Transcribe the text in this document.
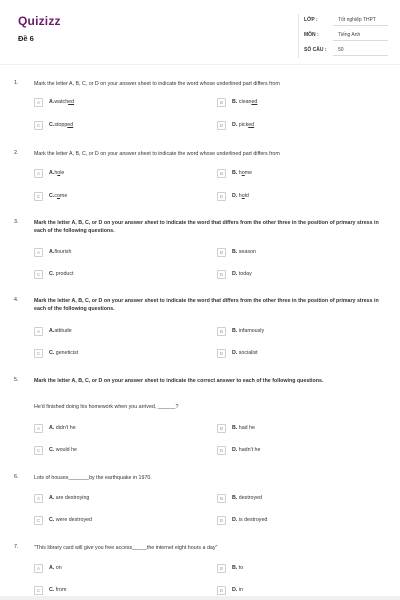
Quizizz
Đề 6
LỚP :	Tốt nghiệp THPT
MÔN :	Tiếng Anh
SỐ CÂU : 50
1.	Mark the letter A, B, C, or D on your answer sheet to indicate the word whose underlined part differs from
A	A.watched	B	B. cleaned
C	C.stopped	D	D. picked
2.	Mark the letter A, B, C, or D on your answer sheet to indicate the word whose underlined part differs from
A	A.hole	B	B. home
C	C.come	D	D. hold
3.	Mark the letter A, B, C, or D on your answer sheet to indicate the word that differs from the other three in the position of primary stress in each of the following questions.
A	A.flourish	B	B. season
C	C. product	D	D. today
4.	Mark the letter A, B, C, or D on your answer sheet to indicate the word that differs from the other three in the position of primary stress in each of the following questions.
A	A.attitude	B	B. infamously
C	C. geneticist	D	D. socialist
5.	Mark the letter A, B, C, or D on your answer sheet to indicate the correct answer to each of the following questions.
He'd finished doing his homework when you arrived, ______?
A	A. didn't he	B	B. had he
C	C. would he	D	D. hadn't he
6.	Lots of houses_______by the earthquake in 1970.
A	A. are destroying	B	B. destroyed
C	C. were destroyed	D	D. is destroyed
7.	"This library card will give you free access_____the internet eight hours a day"
A	A. on	B	B. to
C	C. from	D	D. in
